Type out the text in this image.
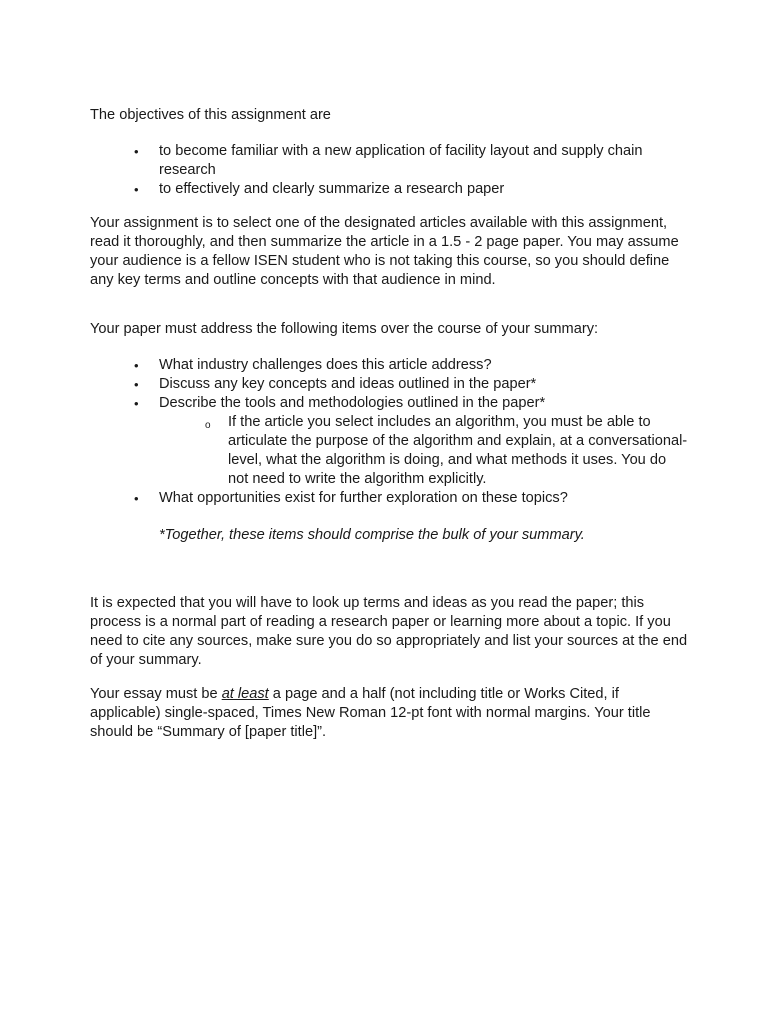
The objectives of this assignment are

• to become familiar with a new application of facility layout and supply chain research
• to effectively and clearly summarize a research paper

Your assignment is to select one of the designated articles available with this assignment, read it thoroughly, and then summarize the article in a 1.5 - 2 page paper. You may assume your audience is a fellow ISEN student who is not taking this course, so you should define any key terms and outline concepts with that audience in mind.

Your paper must address the following items over the course of your summary:

• What industry challenges does this article address?
• Discuss any key concepts and ideas outlined in the paper*
• Describe the tools and methodologies outlined in the paper*
o If the article you select includes an algorithm, you must be able to articulate the purpose of the algorithm and explain, at a conversational-level, what the algorithm is doing, and what methods it uses. You do not need to write the algorithm explicitly.
• What opportunities exist for further exploration on these topics?

*Together, these items should comprise the bulk of your summary.

It is expected that you will have to look up terms and ideas as you read the paper; this process is a normal part of reading a research paper or learning more about a topic. If you need to cite any sources, make sure you do so appropriately and list your sources at the end of your summary.

Your essay must be at least a page and a half (not including title or Works Cited, if applicable) single-spaced, Times New Roman 12-pt font with normal margins. Your title should be “Summary of [paper title]”.
